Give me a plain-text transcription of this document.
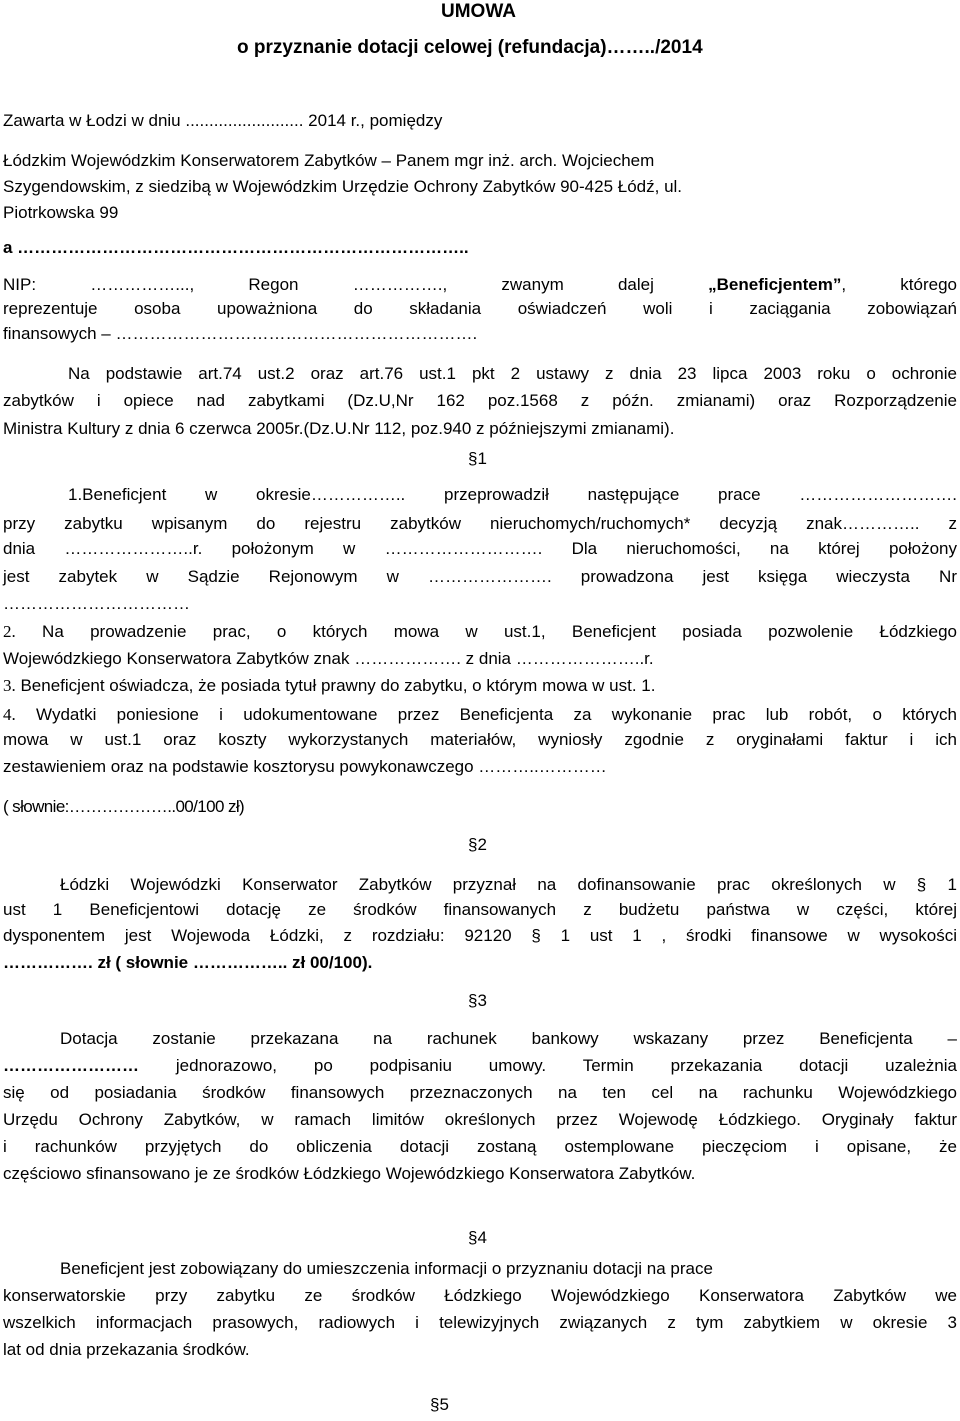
UMOWA
o przyznanie dotacji celowej (refundacja)……../2014
Zawarta w Łodzi w dniu ......................... 2014 r., pomiędzy
Łódzkim Wojewódzkim Konserwatorem Zabytków – Panem mgr inż. arch. Wojciechem
Szygendowskim, z siedzibą w Wojewódzkim Urzędzie Ochrony Zabytków 90-425 Łódź, ul.
Piotrkowska 99
a ……………………………………………………………………..
NIP: ……………..., Regon ……………., zwanym dalej „Beneficjentem”, którego
reprezentuje osoba upoważniona do składania oświadczeń woli i zaciągania zobowiązań
finansowych – ……………………………………………………….
Na podstawie art.74 ust.2 oraz art.76 ust.1 pkt 2 ustawy z dnia 23 lipca 2003 roku o ochronie
zabytków i opiece nad zabytkami (Dz.U,Nr 162 poz.1568 z późn. zmianami) oraz Rozporządzenie
Ministra Kultury z dnia 6 czerwca 2005r.(Dz.U.Nr 112, poz.940 z późniejszymi zmianami).
§1
1.Beneficjent w okresie…………….. przeprowadził następujące prace ……………………….
przy zabytku wpisanym do rejestru zabytków nieruchomych/ruchomych* decyzją znak………….. z
dnia …………………..r. położonym w ………………………. Dla nieruchomości, na której położony
jest zabytek w Sądzie Rejonowym w …………………. prowadzona jest księga wieczysta Nr
……………………………
2. Na prowadzenie prac, o których mowa w ust.1, Beneficjent posiada pozwolenie Łódzkiego
Wojewódzkiego Konserwatora Zabytków znak ………………. z dnia …………………..r.
3. Beneficjent oświadcza, że posiada tytuł prawny do zabytku, o którym mowa w ust. 1.
4. Wydatki poniesione i udokumentowane przez Beneficjenta za wykonanie prac lub robót, o których
mowa w ust.1 oraz koszty wykorzystanych materiałów, wyniosły zgodnie z oryginałami faktur i ich
zestawieniem oraz na podstawie kosztorysu powykonawczego ………..…………
( słownie:………………..00/100 zł)
§2
Łódzki Wojewódzki Konserwator Zabytków przyznał na dofinansowanie prac określonych w § 1
ust 1 Beneficjentowi dotację ze środków finansowanych z budżetu państwa w części, której
dysponentem jest Wojewoda Łódzki, z rozdziału: 92120 § 1 ust 1 , środki finansowe w wysokości
……………. zł ( słownie …………….. zł 00/100).
§3
Dotacja zostanie przekazana na rachunek bankowy wskazany przez Beneficjenta –
…………………… jednorazowo, po podpisaniu umowy. Termin przekazania dotacji uzależnia
się od posiadania środków finansowych przeznaczonych na ten cel na rachunku Wojewódzkiego
Urzędu Ochrony Zabytków, w ramach limitów określonych przez Wojewodę Łódzkiego. Oryginały faktur
i rachunków przyjętych do obliczenia dotacji zostaną ostemplowane pieczęciom i opisane, że
częściowo sfinansowano je ze środków Łódzkiego Wojewódzkiego Konserwatora Zabytków.
§4
Beneficjent jest zobowiązany do umieszczenia informacji o przyznaniu dotacji na prace
konserwatorskie przy zabytku ze środków Łódzkiego Wojewódzkiego Konserwatora Zabytków we
wszelkich informacjach prasowych, radiowych i telewizyjnych związanych z tym zabytkiem w okresie 3
lat od dnia przekazania środków.
§5
